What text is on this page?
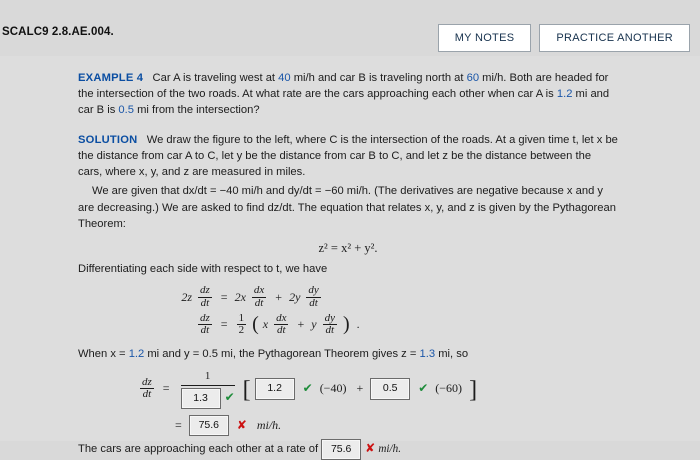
SCALC9 2.8.AE.004.	MY NOTES	PRACTICE ANOTHER

EXAMPLE 4 Car A is traveling west at 40 mi/h and car B is traveling north at 60 mi/h. Both are headed for the intersection of the two roads. At what rate are the cars approaching each other when car A is 1.2 mi and car B is 0.5 mi from the intersection?

SOLUTION We draw the figure to the left, where C is the intersection of the roads. At a given time t, let x be the distance from car A to C, let y be the distance from car B to C, and let z be the distance between the cars, where x, y, and z are measured in miles.

We are given that dx/dt = −40 mi/h and dy/dt = −60 mi/h. (The derivatives are negative because x and y are decreasing.) We are asked to find dz/dt. The equation that relates x, y, and z is given by the Pythagorean Theorem:

z² = x² + y².

Differentiating each side with respect to t, we have

$2z \frac{dz}{dt} = 2x \frac{dx}{dt} + 2y \frac{dy}{dt}$
$\frac{dz}{dt} = \frac{1}{2}$ ( x $\frac{dx}{dt} + y \frac{dy}{dt}$ ) .

When x = 1.2 mi and y = 0.5 mi, the Pythagorean Theorem gives z = 1.3 mi, so

$\frac{dz}{dt} = \frac{1}{1.3 ✔}$ [	1.2	✔ (−40) +	0.5	✔ (−60) ]
=	75.6	✘ mi/h.

The cars are approaching each other at a rate of 75.6 ✘ mi/h.
